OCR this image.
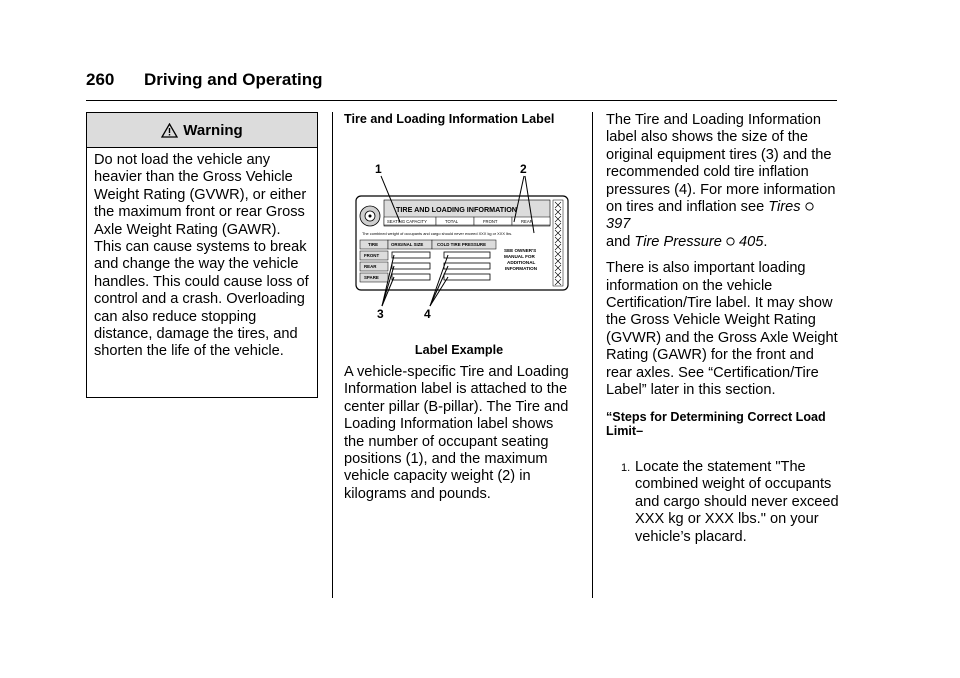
260 Driving and Operating
Warning
Do not load the vehicle any heavier than the Gross Vehicle Weight Rating (GVWR), or either the maximum front or rear Gross Axle Weight Rating (GAWR). This can cause systems to break and change the way the vehicle handles. This could cause loss of control and a crash. Overloading can also reduce stopping distance, damage the tires, and shorten the life of the vehicle.
Tire and Loading Information Label
1	2
3	4
TIRE AND LOADING INFORMATION
SEATING CAPACITY	TOTAL	FRONT	REAR
The combined weight of occupants and cargo should never exceed XXX kg or XXX lbs.
TIRE	ORIGINAL SIZE	COLD TIRE PRESSURE
FRONT
REAR
SPARE
SEE OWNER'S
MANUAL FOR
ADDITIONAL
INFORMATION
Label Example

A vehicle-specific Tire and Loading Information label is attached to the center pillar (B-pillar). The Tire and Loading Information label shows the number of occupant seating positions (1), and the maximum vehicle capacity weight (2) in kilograms and pounds.

The Tire and Loading Information label also shows the size of the original equipment tires (3) and the recommended cold tire inflation pressures (4). For more information on tires and inflation see Tires  397
and Tire Pressure 405.

There is also important loading information on the vehicle Certification/Tire label. It may show the Gross Vehicle Weight Rating (GVWR) and the Gross Axle Weight Rating (GAWR) for the front and rear axles. See “Certification/Tire Label” later in this section.

“Steps for Determining Correct Load Limit–
1. Locate the statement "The combined weight of occupants and cargo should never exceed XXX kg or XXX lbs." on your vehicle’s placard.
